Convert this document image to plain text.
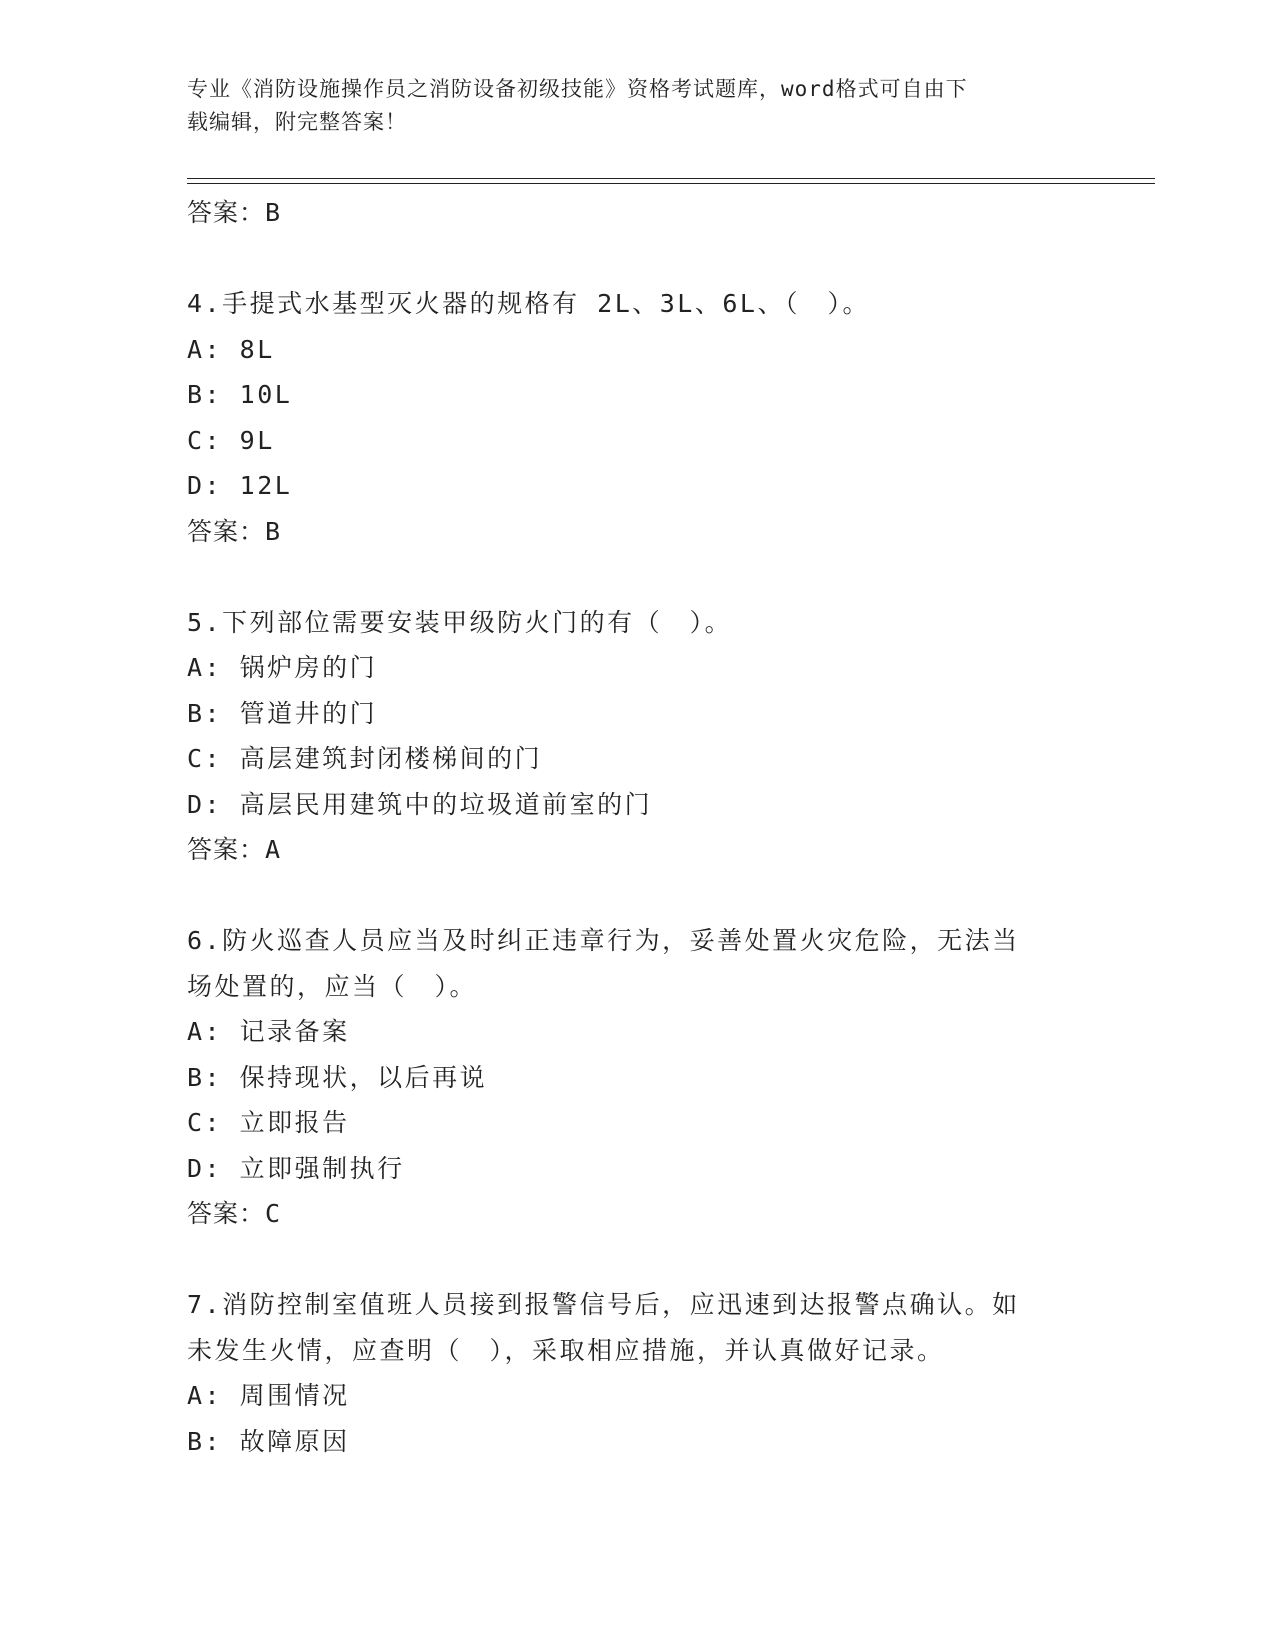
专业《消防设施操作员之消防设备初级技能》资格考试题库，word格式可自由下
载编辑，附完整答案！
答案：B
4.手提式水基型灭火器的规格有 2L、3L、6L、（　）。
A: 8L
B: 10L
C: 9L
D: 12L
答案：B
5.下列部位需要安装甲级防火门的有（　）。
A: 锅炉房的门
B: 管道井的门
C: 高层建筑封闭楼梯间的门
D: 高层民用建筑中的垃圾道前室的门
答案：A
6.防火巡查人员应当及时纠正违章行为，妥善处置火灾危险，无法当
场处置的，应当（　）。
A: 记录备案
B: 保持现状，以后再说
C: 立即报告
D: 立即强制执行
答案：C
7.消防控制室值班人员接到报警信号后，应迅速到达报警点确认。如
未发生火情，应查明（　），采取相应措施，并认真做好记录。
A: 周围情况
B: 故障原因
